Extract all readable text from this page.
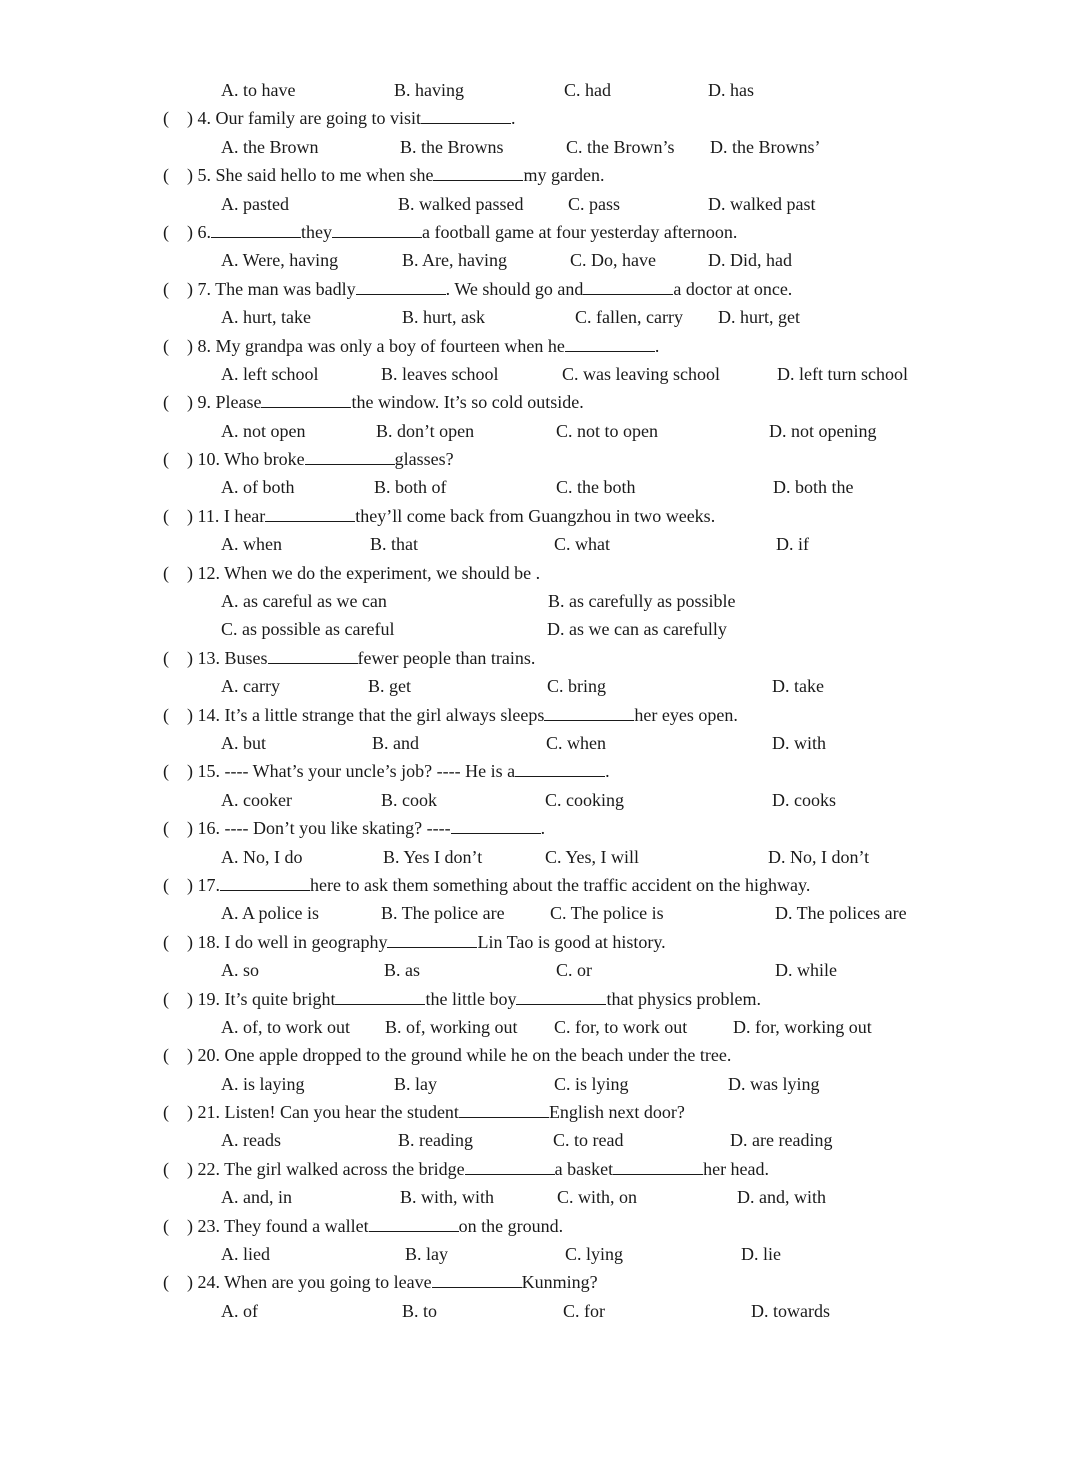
A. to have	B. having	C. had	D. has
( ) 4. Our family are going to visit	.
A. the Brown	B. the Browns	C. the Brown’s D. the Browns’
( ) 5. She said hello to me when she	my garden.
A. pasted	B. walked passed C. pass	D. walked past
( ) 6.	they	a football game at four yesterday afternoon.
A. Were, having	B. Are, having	C. Do, have	D. Did, had
( ) 7. The man was badly	. We should go and	a doctor at once.
A. hurt, take	B. hurt, ask	C. fallen, carry D. hurt, get
( ) 8. My grandpa was only a boy of fourteen when he	.
A. left school	B. leaves school	C. was leaving school	D. left turn school
( ) 9. Please	the window. It’s so cold outside.
A. not open	B. don’t open	C. not to open	D. not opening
( ) 10. Who broke	glasses?
A. of both	B. both of	C. the both	D. both the
( ) 11. I hear	they’ll come back from Guangzhou in two weeks.
A. when	B. that	C. what	D. if
( ) 12. When we do the experiment, we should be .
A. as careful as we can	B. as carefully as possible
C. as possible as careful	D. as we can as carefully
( ) 13. Buses	fewer people than trains.
A. carry	B. get	C. bring	D. take
( ) 14. It’s a little strange that the girl always sleeps	her eyes open.
A. but	B. and	C. when	D. with
( ) 15. ---- What’s your uncle’s job? ---- He is a	.
A. cooker	B. cook	C. cooking	D. cooks
( ) 16. ---- Don’t you like skating? ----	.
A. No, I do	B. Yes I don’t	C. Yes, I will	D. No, I don’t
( ) 17.	here to ask them something about the traffic accident on the highway.
A. A police is	B. The police are	C. The police is	D. The polices are
( ) 18. I do well in geography	Lin Tao is good at history.
A. so	B. as	C. or	D. while
( ) 19. It’s quite bright	the little boy	that physics problem.
A. of, to work out B. of, working out C. for, to work out	D. for, working out
( ) 20. One apple dropped to the ground while he on the beach under the tree.
A. is laying	B. lay	C. is lying	D. was lying
( ) 21. Listen! Can you hear the student	English next door?
A. reads	B. reading	C. to read	D. are reading
( ) 22. The girl walked across the bridge	a basket	her head.
A. and, in	B. with, with	C. with, on	D. and, with
( ) 23. They found a wallet	on the ground.
A. lied	B. lay	C. lying	D. lie
( ) 24. When are you going to leave	Kunming?
A. of	B. to	C. for	D. towards
